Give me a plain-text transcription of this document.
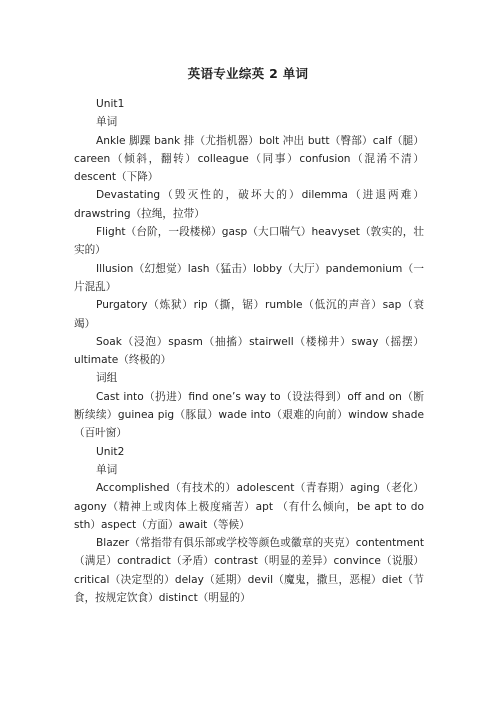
英语专业综英 2 单词

Unit1

单词

Ankle 脚踝 bank 排（尤指机器）bolt 冲出 butt（臀部）calf（腿）careen（倾斜，翻转）colleague（同事）confusion（混淆不清）descent（下降）

Devastating（毁灭性的，破坏大的）dilemma（进退两难）drawstring（拉绳，拉带）

Flight（台阶，一段楼梯）gasp（大口喘气）heavyset（敦实的，壮实的）

Illusion（幻想觉）lash（猛击）lobby（大厅）pandemonium（一片混乱）

Purgatory（炼狱）rip（撕，锯）rumble（低沉的声音）sap（衰竭）

Soak（浸泡）spasm（抽搐）stairwell（楼梯井）sway（摇摆）ultimate（终极的）

词组

Cast into（扔进）find one’s way to（设法得到）off and on（断断续续）guinea pig（豚鼠）wade into（艰难的向前）window shade（百叶窗）

Unit2

单词

Accomplished（有技术的）adolescent（青春期）aging（老化）agony（精神上或肉体上极度痛苦）apt （有什么倾向，be apt to do sth）aspect（方面）await（等候）

Blazer（常指带有俱乐部或学校等颜色或徽章的夹克）contentment（满足）contradict（矛盾）contrast（明显的差异）convince（说服）critical（决定型的）delay（延期）devil（魔鬼，撒旦，恶棍）diet（节食，按规定饮食）distinct（明显的）
